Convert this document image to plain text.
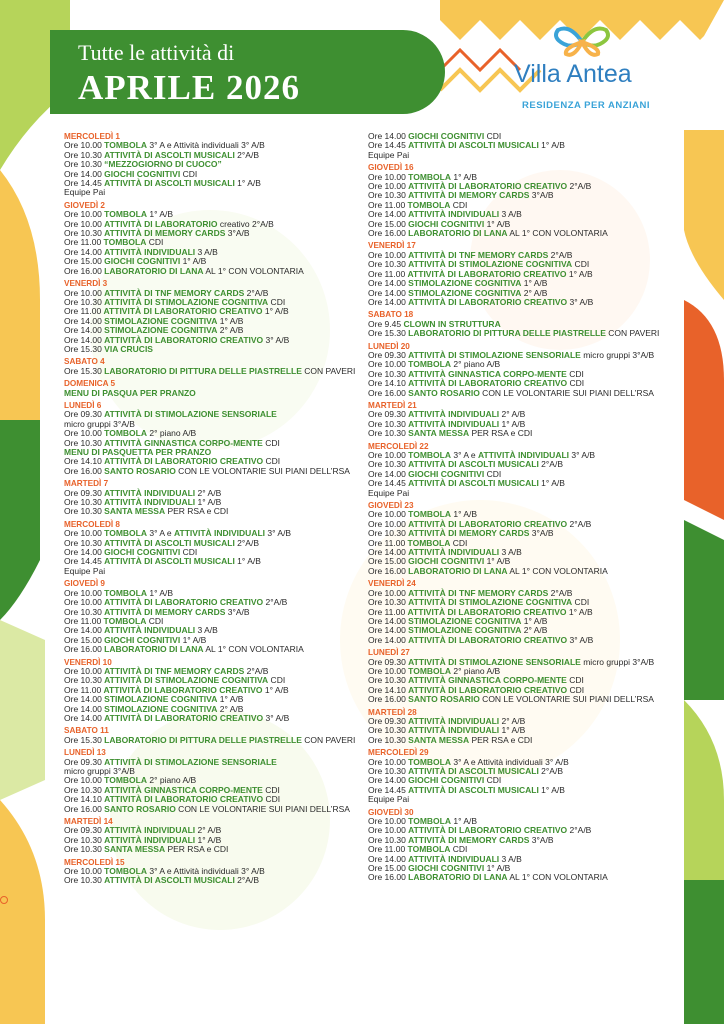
Tutte le attività di
APRILE 2026	Villa Antea
RESIDENZA PER ANZIANI
MERCOLEDÌ 1
Ore 10.00 TOMBOLA 3° A e Attività individuali 3° A/B
Ore 10.30 ATTIVITÀ DI ASCOLTI MUSICALI 2°A/B
Ore 10.30 “MEZZOGIORNO DI CUOCO”
Ore 14.00 GIOCHI COGNITIVI CDI
Ore 14.45 ATTIVITÀ DI ASCOLTI MUSICALI 1° A/B
Equipe Pai
GIOVEDÌ 2
Ore 10.00 TOMBOLA 1° A/B
Ore 10.00 ATTIVITÀ DI LABORATORIO creativo 2°A/B
Ore 10.30 ATTIVITÀ DI MEMORY CARDS 3°A/B
Ore 11.00 TOMBOLA CDI
Ore 14.00 ATTIVITÀ INDIVIDUALI 3 A/B
Ore 15.00 GIOCHI COGNITIVI 1° A/B
Ore 16.00 LABORATORIO DI LANA AL 1° CON VOLONTARIA
VENERDÌ 3
Ore 10.00 ATTIVITÀ DI TNF MEMORY CARDS 2°A/B
Ore 10.30 ATTIVITÀ DI STIMOLAZIONE COGNITIVA CDI
Ore 11.00 ATTIVITÀ DI LABORATORIO CREATIVO 1° A/B
Ore 14.00 STIMOLAZIONE COGNITIVA 1° A/B
Ore 14.00 STIMOLAZIONE COGNITIVA 2° A/B
Ore 14.00 ATTIVITÀ DI LABORATORIO CREATIVO 3° A/B
Ore 15.30 VIA CRUCIS
SABATO 4
Ore 15.30 LABORATORIO DI PITTURA DELLE PIASTRELLE CON PAVERI
DOMENICA 5
MENU DI PASQUA PER PRANZO
LUNEDÌ 6
Ore 09.30 ATTIVITÀ DI STIMOLAZIONE SENSORIALE
micro gruppi 3°A/B
Ore 10.00 TOMBOLA 2° piano A/B
Ore 10.30 ATTIVITÀ GINNASTICA CORPO-MENTE CDI
MENU DI PASQUETTA PER PRANZO
Ore 14.10 ATTIVITÀ DI LABORATORIO CREATIVO CDI
Ore 16.00 SANTO ROSARIO CON LE VOLONTARIE SUI PIANI DELL’RSA
MARTEDÌ 7
Ore 09.30 ATTIVITÀ INDIVIDUALI 2° A/B
Ore 10.30 ATTIVITÀ INDIVIDUALI 1° A/B
Ore 10.30 SANTA MESSA PER RSA e CDI
MERCOLEDÌ 8
Ore 10.00 TOMBOLA 3° A e ATTIVITÀ INDIVIDUALI 3° A/B
Ore 10.30 ATTIVITÀ DI ASCOLTI MUSICALI 2°A/B
Ore 14.00 GIOCHI COGNITIVI CDI
Ore 14.45 ATTIVITÀ DI ASCOLTI MUSICALI 1° A/B
Equipe Pai
GIOVEDÌ 9
Ore 10.00 TOMBOLA 1° A/B
Ore 10.00 ATTIVITÀ DI LABORATORIO CREATIVO 2°A/B
Ore 10.30 ATTIVITÀ DI MEMORY CARDS 3°A/B
Ore 11.00 TOMBOLA CDI
Ore 14.00 ATTIVITÀ INDIVIDUALI 3 A/B
Ore 15.00 GIOCHI COGNITIVI 1° A/B
Ore 16.00 LABORATORIO DI LANA AL 1° CON VOLONTARIA
VENERDÌ 10
Ore 10.00 ATTIVITÀ DI TNF MEMORY CARDS 2°A/B
Ore 10.30 ATTIVITÀ DI STIMOLAZIONE COGNITIVA CDI
Ore 11.00 ATTIVITÀ DI LABORATORIO CREATIVO 1° A/B
Ore 14.00 STIMOLAZIONE COGNITIVA 1° A/B
Ore 14.00 STIMOLAZIONE COGNITIVA 2° A/B
Ore 14.00 ATTIVITÀ DI LABORATORIO CREATIVO 3° A/B
SABATO 11
Ore 15.30 LABORATORIO DI PITTURA DELLE PIASTRELLE CON PAVERI
LUNEDÌ 13
Ore 09.30 ATTIVITÀ DI STIMOLAZIONE SENSORIALE
micro gruppi 3°A/B
Ore 10.00 TOMBOLA 2° piano A/B
Ore 10.30 ATTIVITÀ GINNASTICA CORPO-MENTE CDI
Ore 14.10 ATTIVITÀ DI LABORATORIO CREATIVO CDI
Ore 16.00 SANTO ROSARIO CON LE VOLONTARIE SUI PIANI DELL’RSA
MARTEDÌ 14
Ore 09.30 ATTIVITÀ INDIVIDUALI 2° A/B
Ore 10.30 ATTIVITÀ INDIVIDUALI 1° A/B
Ore 10.30 SANTA MESSA PER RSA e CDI
MERCOLEDÌ 15
Ore 10.00 TOMBOLA 3° A e Attività individuali 3° A/B
Ore 10.30 ATTIVITÀ DI ASCOLTI MUSICALI 2°A/B
Ore 14.00 GIOCHI COGNITIVI CDI
Ore 14.45 ATTIVITÀ DI ASCOLTI MUSICALI 1° A/B
Equipe Pai
GIOVEDÌ 16
Ore 10.00 TOMBOLA 1° A/B
Ore 10.00 ATTIVITÀ DI LABORATORIO CREATIVO 2°A/B
Ore 10.30 ATTIVITÀ DI MEMORY CARDS 3°A/B
Ore 11.00 TOMBOLA CDI
Ore 14.00 ATTIVITÀ INDIVIDUALI 3 A/B
Ore 15.00 GIOCHI COGNITIVI 1° A/B
Ore 16.00 LABORATORIO DI LANA AL 1° CON VOLONTARIA
VENERDÌ 17
Ore 10.00 ATTIVITÀ DI TNF MEMORY CARDS 2°A/B
Ore 10.30 ATTIVITÀ DI STIMOLAZIONE COGNITIVA CDI
Ore 11.00 ATTIVITÀ DI LABORATORIO CREATIVO 1° A/B
Ore 14.00 STIMOLAZIONE COGNITIVA 1° A/B
Ore 14.00 STIMOLAZIONE COGNITIVA 2° A/B
Ore 14.00 ATTIVITÀ DI LABORATORIO CREATIVO 3° A/B
SABATO 18
Ore 9.45 CLOWN IN STRUTTURA
Ore 15.30 LABORATORIO DI PITTURA DELLE PIASTRELLE CON PAVERI
LUNEDÌ 20
Ore 09.30 ATTIVITÀ DI STIMOLAZIONE SENSORIALE micro gruppi 3°A/B
Ore 10.00 TOMBOLA 2° piano A/B
Ore 10.30 ATTIVITÀ GINNASTICA CORPO-MENTE CDI
Ore 14.10 ATTIVITÀ DI LABORATORIO CREATIVO CDI
Ore 16.00 SANTO ROSARIO CON LE VOLONTARIE SUI PIANI DELL’RSA
MARTEDÌ 21
Ore 09.30 ATTIVITÀ INDIVIDUALI 2° A/B
Ore 10.30 ATTIVITÀ INDIVIDUALI 1° A/B
Ore 10.30 SANTA MESSA PER RSA e CDI
MERCOLEDÌ 22
Ore 10.00 TOMBOLA 3° A e ATTIVITÀ INDIVIDUALI 3° A/B
Ore 10.30 ATTIVITÀ DI ASCOLTI MUSICALI 2°A/B
Ore 14.00 GIOCHI COGNITIVI CDI
Ore 14.45 ATTIVITÀ DI ASCOLTI MUSICALI 1° A/B
Equipe Pai
GIOVEDÌ 23
Ore 10.00 TOMBOLA 1° A/B
Ore 10.00 ATTIVITÀ DI LABORATORIO CREATIVO 2°A/B
Ore 10.30 ATTIVITÀ DI MEMORY CARDS 3°A/B
Ore 11.00 TOMBOLA CDI
Ore 14.00 ATTIVITÀ INDIVIDUALI 3 A/B
Ore 15.00 GIOCHI COGNITIVI 1° A/B
Ore 16.00 LABORATORIO DI LANA AL 1° CON VOLONTARIA
VENERDÌ 24
Ore 10.00 ATTIVITÀ DI TNF MEMORY CARDS 2°A/B
Ore 10.30 ATTIVITÀ DI STIMOLAZIONE COGNITIVA CDI
Ore 11.00 ATTIVITÀ DI LABORATORIO CREATIVO 1° A/B
Ore 14.00 STIMOLAZIONE COGNITIVA 1° A/B
Ore 14.00 STIMOLAZIONE COGNITIVA 2° A/B
Ore 14.00 ATTIVITÀ DI LABORATORIO CREATIVO 3° A/B
LUNEDÌ 27
Ore 09.30 ATTIVITÀ DI STIMOLAZIONE SENSORIALE micro gruppi 3°A/B
Ore 10.00 TOMBOLA 2° piano A/B
Ore 10.30 ATTIVITÀ GINNASTICA CORPO-MENTE CDI
Ore 14.10 ATTIVITÀ DI LABORATORIO CREATIVO CDI
Ore 16.00 SANTO ROSARIO CON LE VOLONTARIE SUI PIANI DELL’RSA
MARTEDÌ 28
Ore 09.30 ATTIVITÀ INDIVIDUALI 2° A/B
Ore 10.30 ATTIVITÀ INDIVIDUALI 1° A/B
Ore 10.30 SANTA MESSA PER RSA e CDI
MERCOLEDÌ 29
Ore 10.00 TOMBOLA 3° A e Attività individuali 3° A/B
Ore 10.30 ATTIVITÀ DI ASCOLTI MUSICALI 2°A/B
Ore 14.00 GIOCHI COGNITIVI CDI
Ore 14.45 ATTIVITÀ DI ASCOLTI MUSICALI 1° A/B
Equipe Pai
GIOVEDÌ 30
Ore 10.00 TOMBOLA 1° A/B
Ore 10.00 ATTIVITÀ DI LABORATORIO CREATIVO 2°A/B
Ore 10.30 ATTIVITÀ DI MEMORY CARDS 3°A/B
Ore 11.00 TOMBOLA CDI
Ore 14.00 ATTIVITÀ INDIVIDUALI 3 A/B
Ore 15.00 GIOCHI COGNITIVI 1° A/B
Ore 16.00 LABORATORIO DI LANA AL 1° CON VOLONTARIA
